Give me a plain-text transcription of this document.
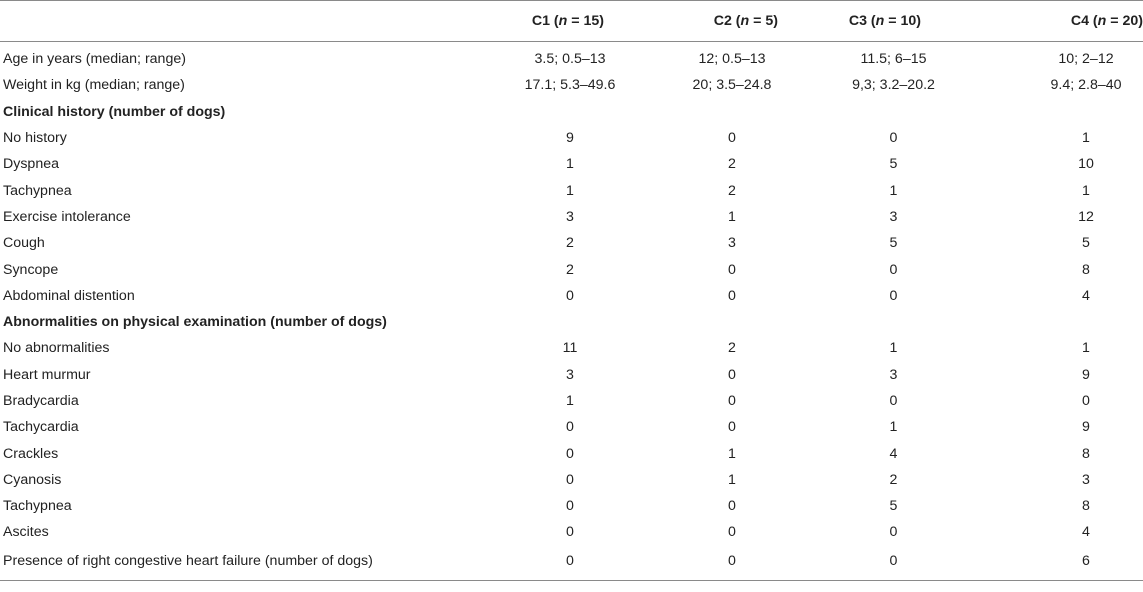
	C1 (n = 15)	C2 (n = 5)	C3 (n = 10)	C4 (n = 20)
Age in years (median; range)	3.5; 0.5–13	12; 0.5–13	11.5; 6–15	10; 2–12
Weight in kg (median; range)	17.1; 5.3–49.6	20; 3.5–24.8	9,3; 3.2–20.2	9.4; 2.8–40
Clinical history (number of dogs)				
No history	9	0	0	1
Dyspnea	1	2	5	10
Tachypnea	1	2	1	1
Exercise intolerance	3	1	3	12
Cough	2	3	5	5
Syncope	2	0	0	8
Abdominal distention	0	0	0	4
Abnormalities on physical examination (number of dogs)				
No abnormalities	11	2	1	1
Heart murmur	3	0	3	9
Bradycardia	1	0	0	0
Tachycardia	0	0	1	9
Crackles	0	1	4	8
Cyanosis	0	1	2	3
Tachypnea	0	0	5	8
Ascites	0	0	0	4
Presence of right congestive heart failure (number of dogs)	0	0	0	6
